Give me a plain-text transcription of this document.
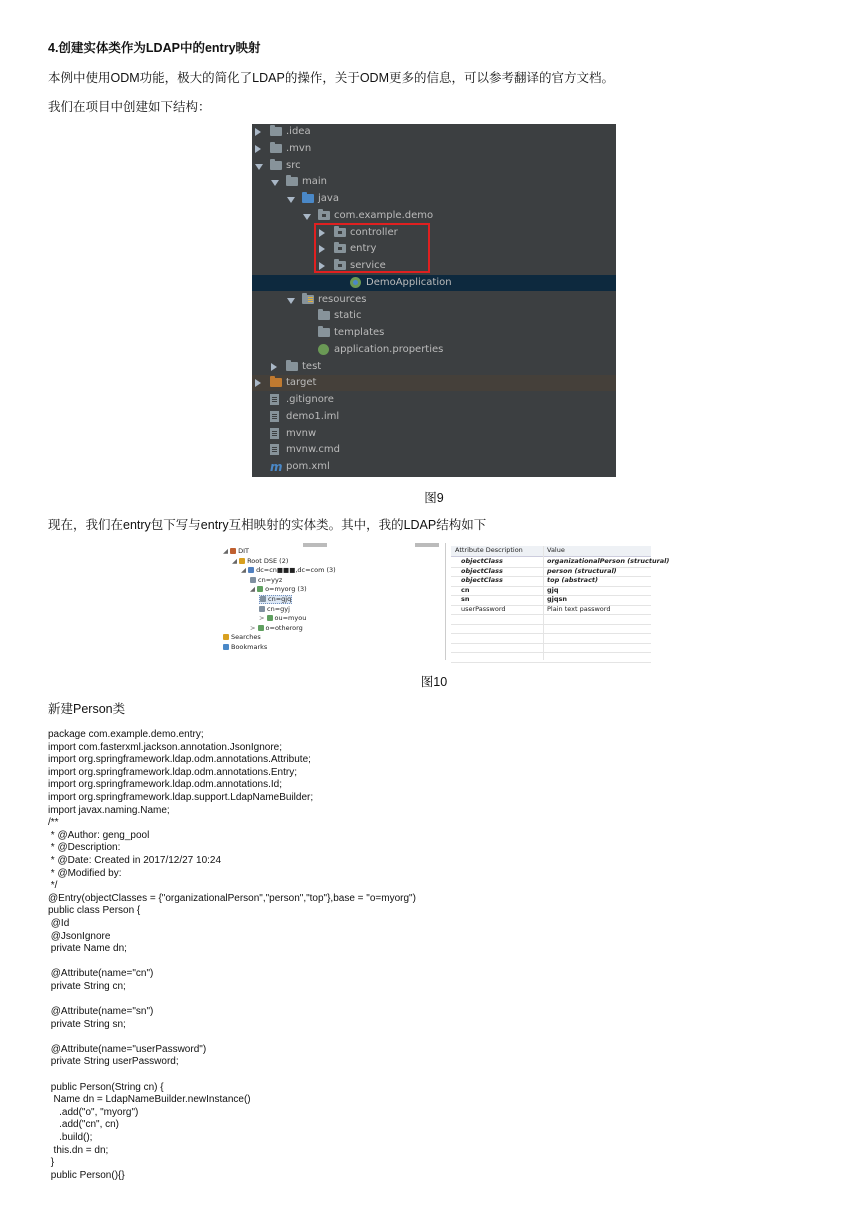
4.创建实体类作为LDAP中的entry映射
本例中使用ODM功能，极大的简化了LDAP的操作，关于ODM更多的信息，可以参考翻译的官方文档。
我们在项目中创建如下结构：
.idea
.mvn
src
main
java
com.example.demo
controller
entry
service
DemoApplication
resources
static
templates
application.properties
test
target
.gitignore
demo1.iml
mvnw
mvnw.cmd
m pom.xml
图9
现在，我们在entry包下写与entry互相映射的实体类。其中，我的LDAP结构如下
◢ DIT
◢ Root DSE (2)
◢ dc=cn■■■,dc=com (3)
cn=yyz
◢ o=myorg (3)
cn=gjq
cn=gyj
> ou=myou
> o=otherorg
Searches
Bookmarks
Attribute Description	Value
objectClass	organizationalPerson (structural)
objectClass	person (structural)
objectClass	top (abstract)
cn	gjq
sn	gjqsn
userPassword	Plain text password
图10
新建Person类
package com.example.demo.entry;
import com.fasterxml.jackson.annotation.JsonIgnore;
import org.springframework.ldap.odm.annotations.Attribute;
import org.springframework.ldap.odm.annotations.Entry;
import org.springframework.ldap.odm.annotations.Id;
import org.springframework.ldap.support.LdapNameBuilder;
import javax.naming.Name;
/**
* @Author: geng_pool
* @Description:
* @Date: Created in 2017/12/27 10:24
* @Modified by:
*/
@Entry(objectClasses = {"organizationalPerson","person","top"},base = "o=myorg")
public class Person {
@Id
@JsonIgnore
private Name dn;

@Attribute(name="cn")
private String cn;

@Attribute(name="sn")
private String sn;

@Attribute(name="userPassword")
private String userPassword;

public Person(String cn) {
Name dn = LdapNameBuilder.newInstance()
.add("o", "myorg")
.add("cn", cn)
.build();
this.dn = dn;
}
public Person(){}
